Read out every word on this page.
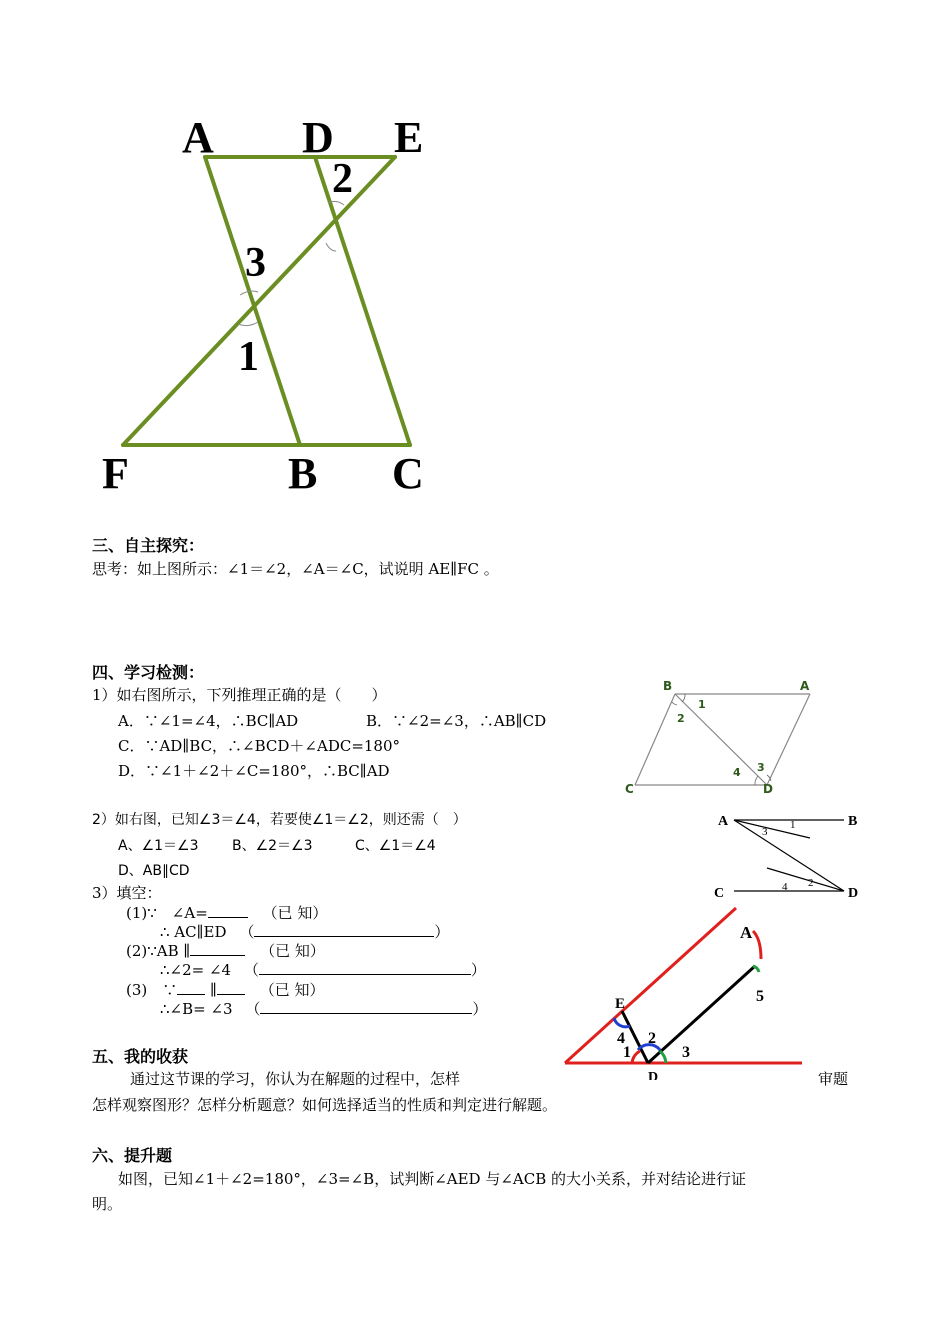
A D E
F	B C
2
3
1
三、自主探究：
思考：如上图所示：∠1＝∠2，∠A＝∠C，试说明 AE∥FC 。
四、学习检测：
1）如右图所示，下列推理正确的是（　　）
A．∵∠1=∠4，∴BC∥AD	B．∵∠2=∠3，∴AB∥CD
C．∵AD∥BC，∴∠BCD＋∠ADC=180°
D．∵∠1＋∠2＋∠C=180°，∴BC∥AD
B	A
C	D
1
2
3
4
2）如右图，已知∠3＝∠4，若要使∠1＝∠2，则还需（　）
A、∠1＝∠3 B、∠2＝∠3	C、∠1＝∠4
D、AB∥CD
A	B
C	D
3
1
4 2
3）填空：
(1)∵　∠A=	（已 知）
∴ AC∥ED （	）
(2)∵AB ∥	（已 知）
∴∠2= ∠4 （	）
(3)　∵ ∥	（已 知）
∴∠B= ∠3 （	）
A
E
D
4
1
2
3
5
五、我的收获
通过这节课的学习，你认为在解题的过程中，怎样	审题
怎样观察图形？怎样分析题意？如何选择适当的性质和判定进行解题。
六、提升题
如图，已知∠1＋∠2=180°，∠3=∠B，试判断∠AED 与∠ACB 的大小关系，并对结论进行证
明。
